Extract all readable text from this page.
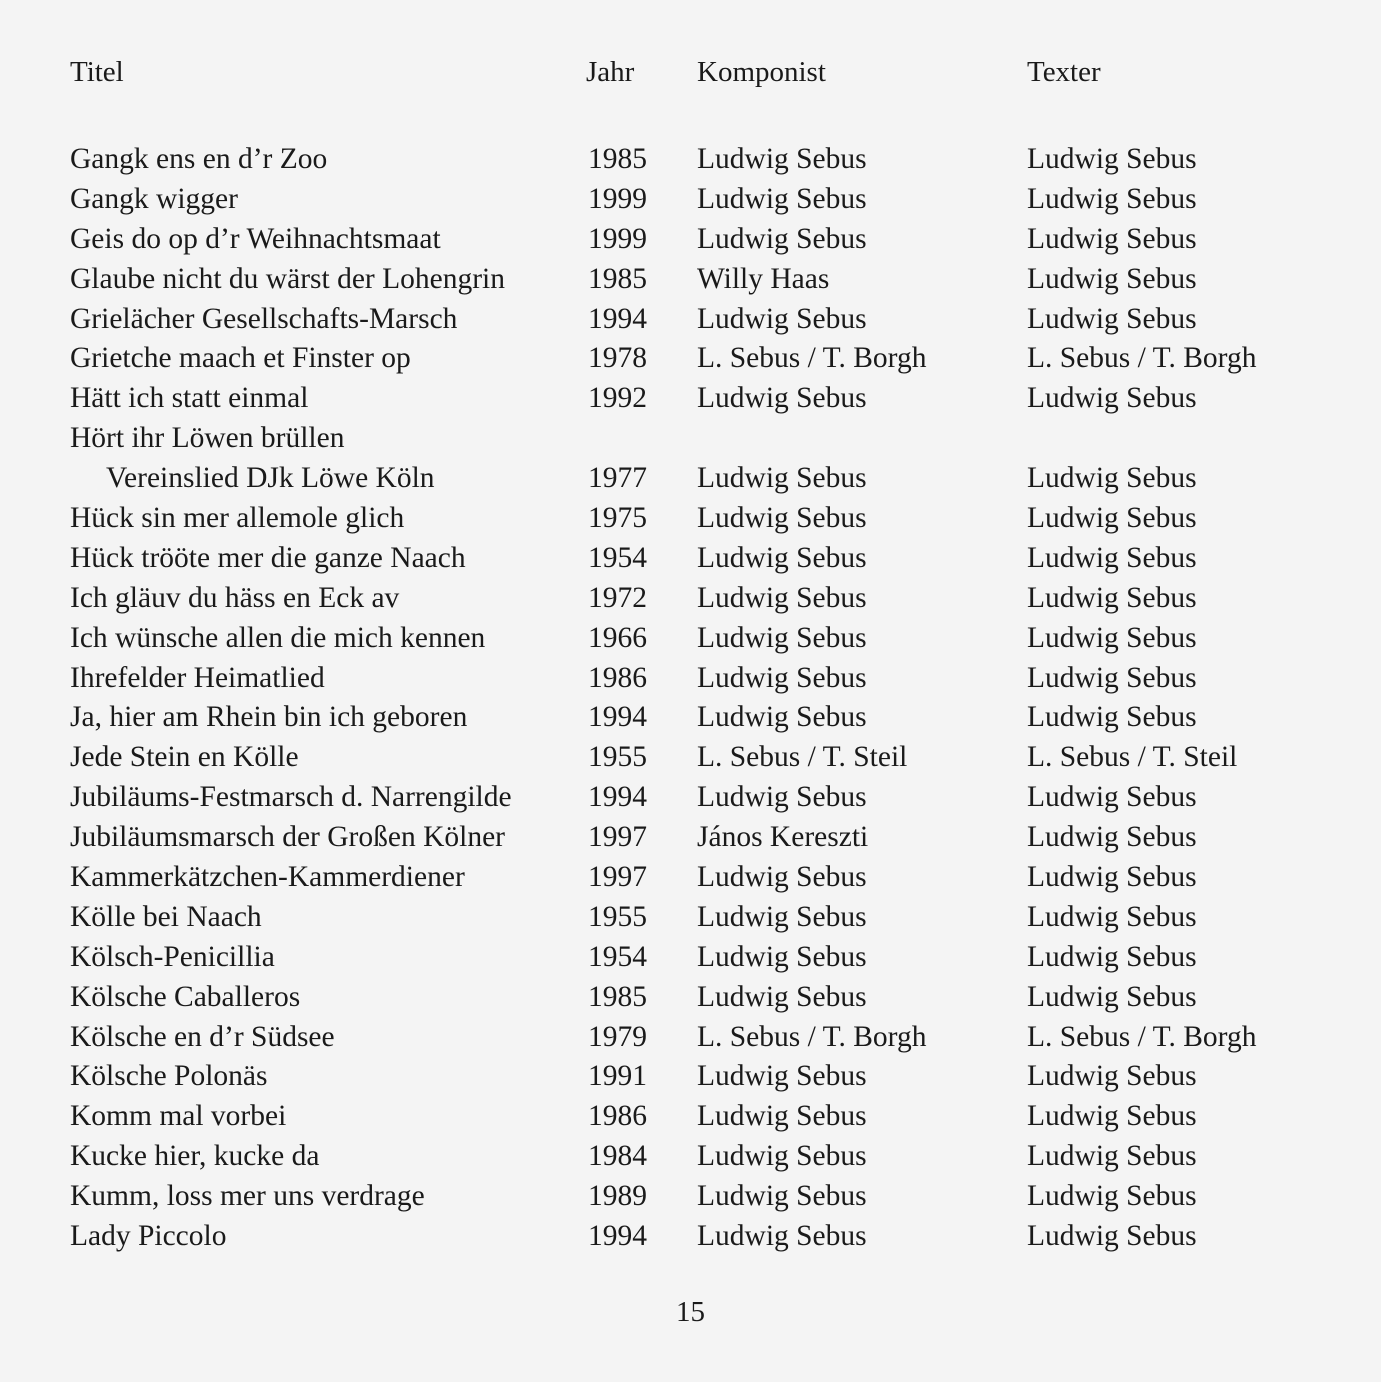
Titel	Jahr Komponist	Texter
Gangk ens en d’r Zoo	1985 Ludwig Sebus	Ludwig Sebus
Gangk wigger	1999 Ludwig Sebus	Ludwig Sebus
Geis do op d’r Weihnachtsmaat	1999 Ludwig Sebus	Ludwig Sebus
Glaube nicht du wärst der Lohengrin	1985 Willy Haas	Ludwig Sebus
Grielächer Gesellschafts-Marsch	1994 Ludwig Sebus	Ludwig Sebus
Grietche maach et Finster op	1978 L. Sebus / T. Borgh	L. Sebus / T. Borgh
Hätt ich statt einmal	1992 Ludwig Sebus	Ludwig Sebus
Hört ihr Löwen brüllen
Vereinslied DJk Löwe Köln	1977 Ludwig Sebus	Ludwig Sebus
Hück sin mer allemole glich	1975 Ludwig Sebus	Ludwig Sebus
Hück trööte mer die ganze Naach	1954 Ludwig Sebus	Ludwig Sebus
Ich gläuv du häss en Eck av	1972 Ludwig Sebus	Ludwig Sebus
Ich wünsche allen die mich kennen	1966 Ludwig Sebus	Ludwig Sebus
Ihrefelder Heimatlied	1986 Ludwig Sebus	Ludwig Sebus
Ja, hier am Rhein bin ich geboren	1994 Ludwig Sebus	Ludwig Sebus
Jede Stein en Kölle	1955 L. Sebus / T. Steil	L. Sebus / T. Steil
Jubiläums-Festmarsch d. Narrengilde	1994 Ludwig Sebus	Ludwig Sebus
Jubiläumsmarsch der Großen Kölner	1997 János Kereszti	Ludwig Sebus
Kammerkätzchen-Kammerdiener	1997 Ludwig Sebus	Ludwig Sebus
Kölle bei Naach	1955 Ludwig Sebus	Ludwig Sebus
Kölsch-Penicillia	1954 Ludwig Sebus	Ludwig Sebus
Kölsche Caballeros	1985 Ludwig Sebus	Ludwig Sebus
Kölsche en d’r Südsee	1979 L. Sebus / T. Borgh	L. Sebus / T. Borgh
Kölsche Polonäs	1991 Ludwig Sebus	Ludwig Sebus
Komm mal vorbei	1986 Ludwig Sebus	Ludwig Sebus
Kucke hier, kucke da	1984 Ludwig Sebus	Ludwig Sebus
Kumm, loss mer uns verdrage	1989 Ludwig Sebus	Ludwig Sebus
Lady Piccolo	1994 Ludwig Sebus	Ludwig Sebus
15
